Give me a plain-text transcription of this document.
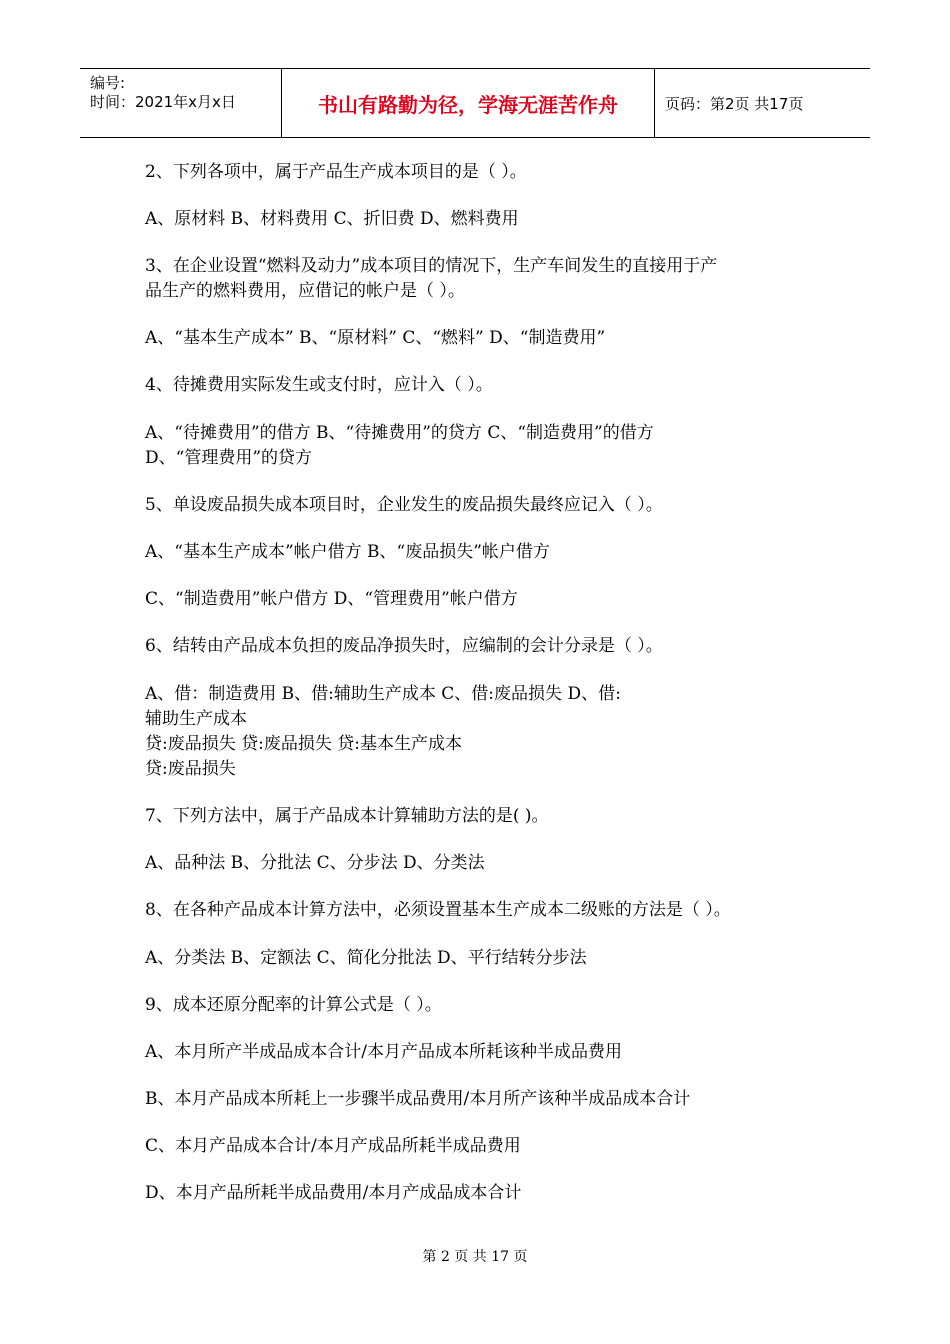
编号:
时间：2021年x月x日	书山有路勤为径，学海无涯苦作舟	页码：第2页 共17页
2、下列各项中，属于产品生产成本项目的是（ ）。
A、原材料 B、材料费用 C、折旧费 D、燃料费用
3、在企业设置“燃料及动力”成本项目的情况下，生产车间发生的直接用于产
品生产的燃料费用，应借记的帐户是（ ）。
A、“基本生产成本” B、“原材料” C、“燃料” D、“制造费用”
4、待摊费用实际发生或支付时，应计入（ ）。
A、“待摊费用”的借方 B、“待摊费用”的贷方 C、“制造费用”的借方
D、“管理费用”的贷方
5、单设废品损失成本项目时，企业发生的废品损失最终应记入（ ）。
A、“基本生产成本”帐户借方 B、“废品损失”帐户借方
C、“制造费用”帐户借方 D、“管理费用”帐户借方
6、结转由产品成本负担的废品净损失时，应编制的会计分录是（ ）。
A、借：制造费用 B、借:辅助生产成本 C、借:废品损失 D、借:
辅助生产成本
贷:废品损失 贷:废品损失 贷:基本生产成本
贷:废品损失
7、下列方法中，属于产品成本计算辅助方法的是( )。
A、品种法 B、分批法 C、分步法 D、分类法
8、在各种产品成本计算方法中，必须设置基本生产成本二级账的方法是（ ）。
A、分类法 B、定额法 C、简化分批法 D、平行结转分步法
9、成本还原分配率的计算公式是（ ）。
A、本月所产半成品成本合计/本月产品成本所耗该种半成品费用
B、本月产品成本所耗上一步骤半成品费用/本月所产该种半成品成本合计
C、本月产品成本合计/本月产成品所耗半成品费用
D、本月产品所耗半成品费用/本月产成品成本合计
第 2 页 共 17 页
